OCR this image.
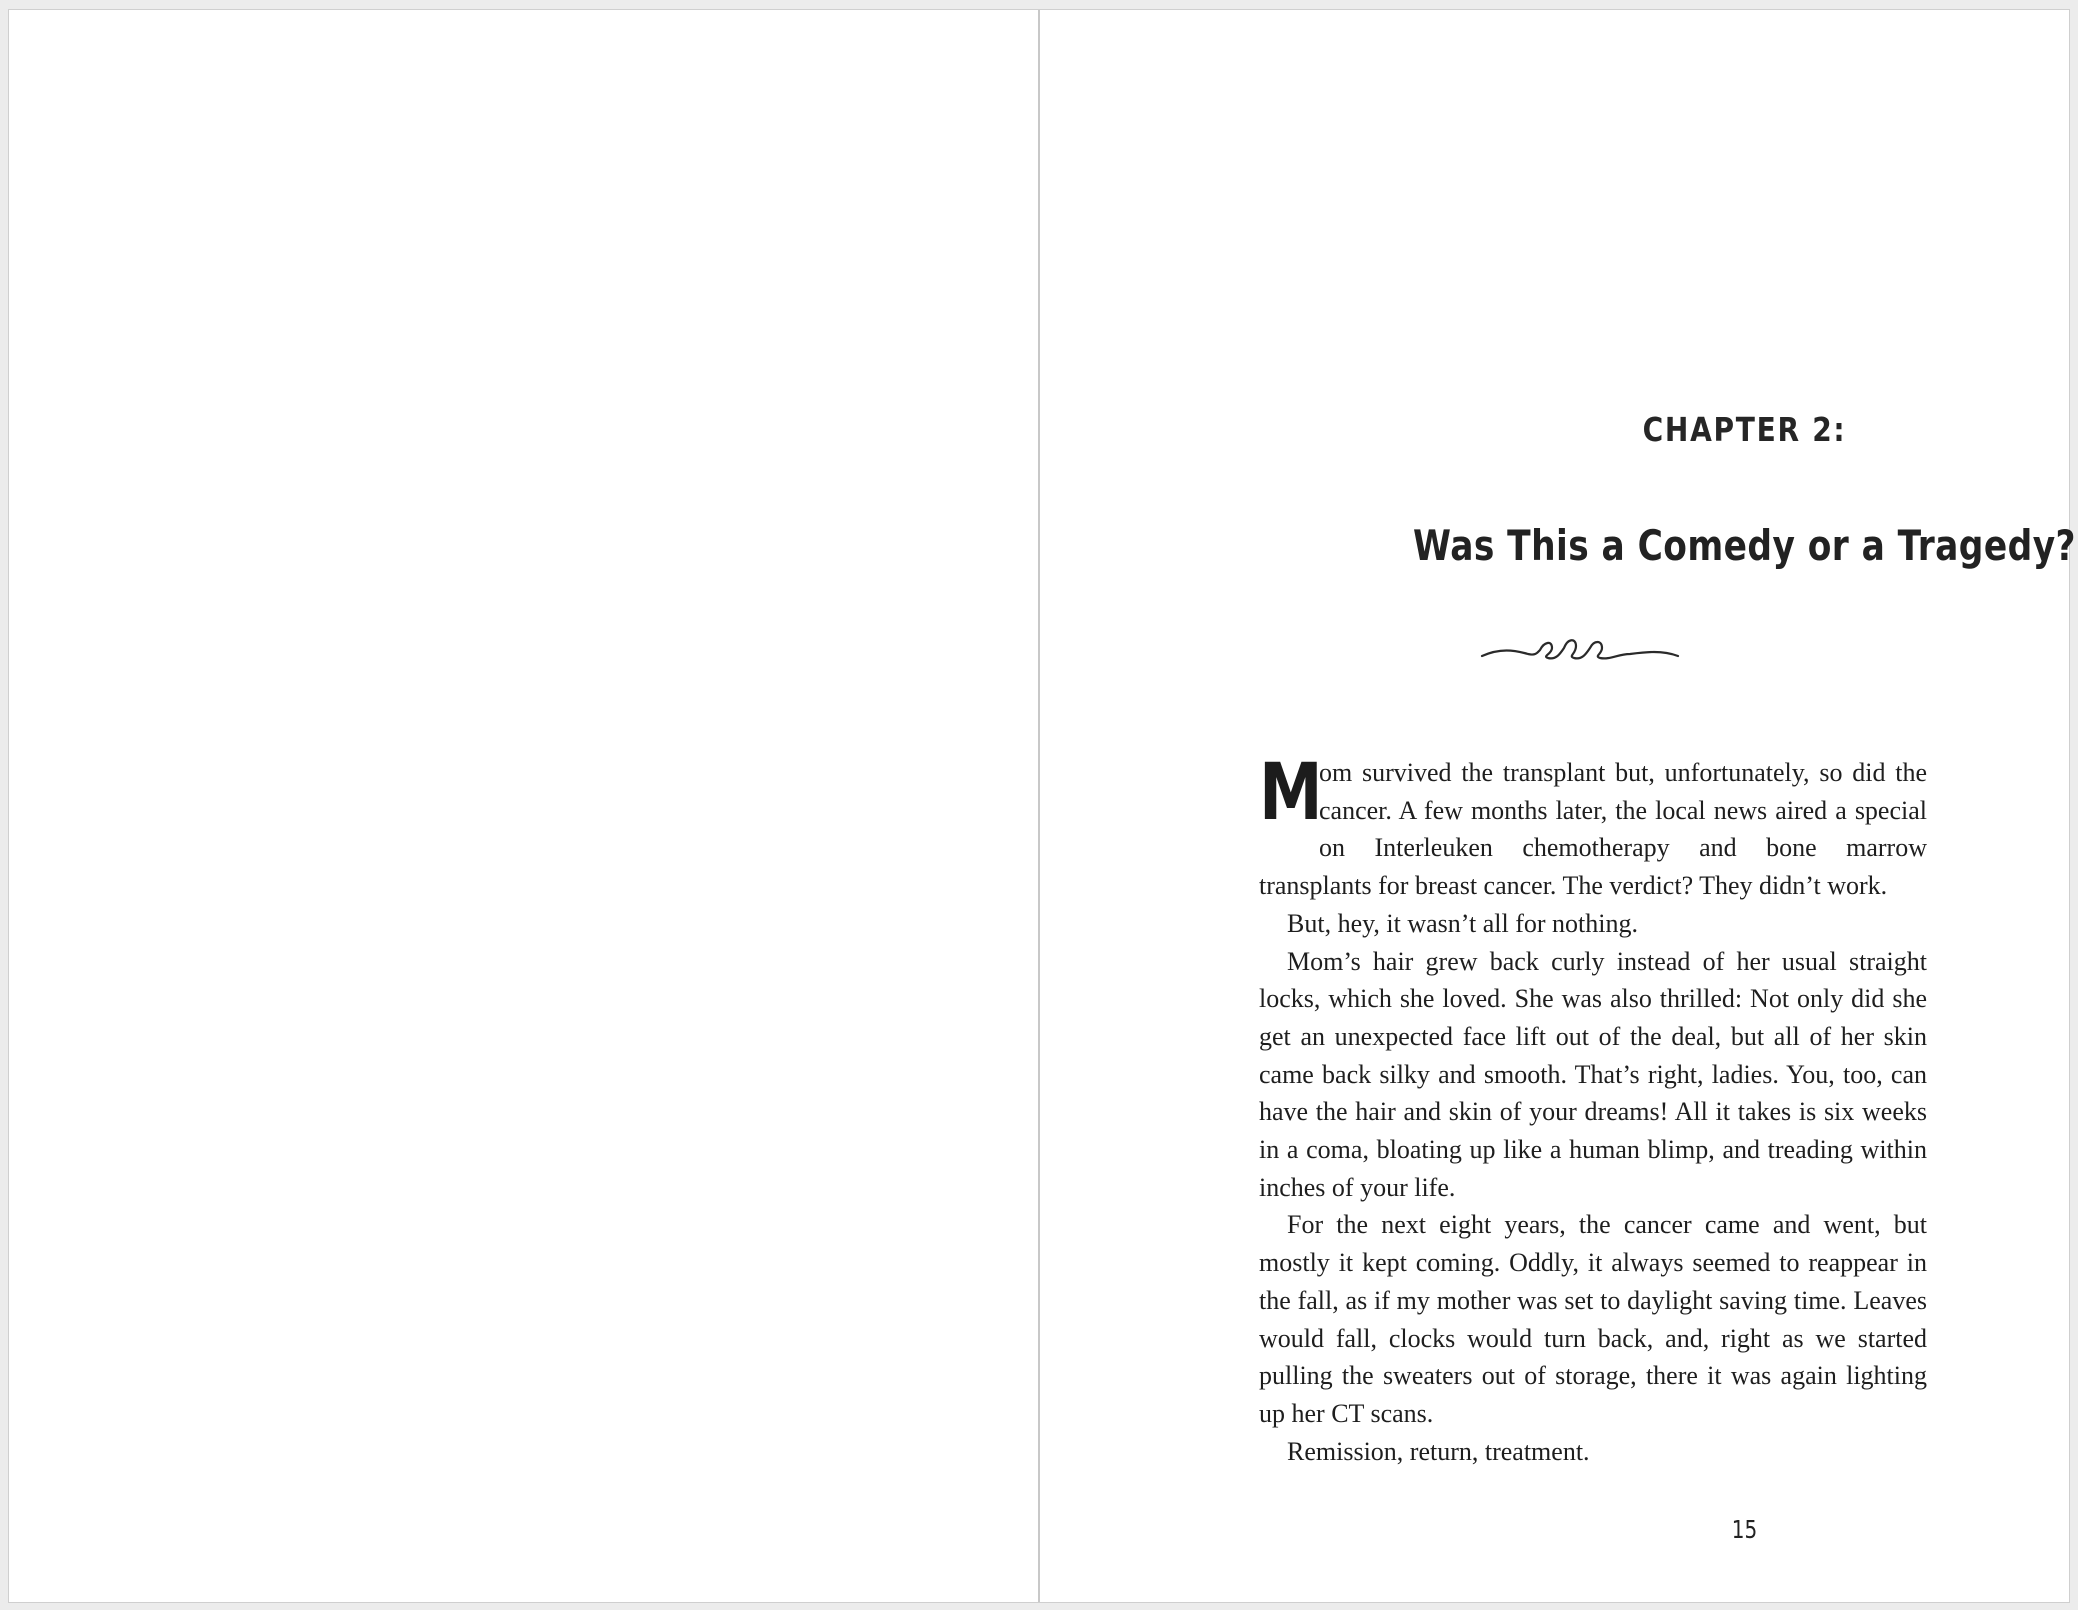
CHAPTER 2:
Was This a Comedy or a Tragedy?

M
om survived the transplant but, unfortunately, so did the cancer. A few months later, the local news aired a special on Interleuken chemotherapy and bone marrow transplants for breast cancer. The verdict? They didn’t work.

But, hey, it wasn’t all for nothing.

Mom’s hair grew back curly instead of her usual straight locks, which she loved. She was also thrilled: Not only did she get an unexpected face lift out of the deal, but all of her skin came back silky and smooth. That’s right, ladies. You, too, can have the hair and skin of your dreams! All it takes is six weeks in a coma, bloating up like a human blimp, and treading within inches of your life.

For the next eight years, the cancer came and went, but mostly it kept coming. Oddly, it always seemed to reappear in the fall, as if my mother was set to daylight saving time. Leaves would fall, clocks would turn back, and, right as we started pulling the sweaters out of storage, there it was again lighting up her CT scans.

Remission, return, treatment.

15
